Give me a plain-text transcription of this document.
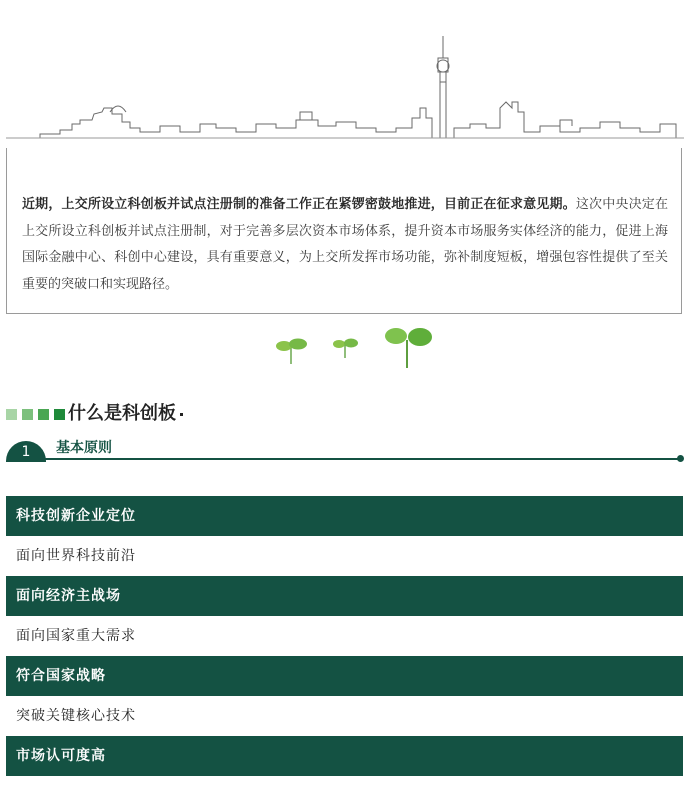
近期，上交所设立科创板并试点注册制的准备工作正在紧锣密鼓地推进，目前正在征求意见期。这次中央决定在上交所设立科创板并试点注册制，对于完善多层次资本市场体系，提升资本市场服务实体经济的能力，促进上海国际金融中心、科创中心建设，具有重要意义，为上交所发挥市场功能，弥补制度短板，增强包容性提供了至关重要的突破口和实现路径。

什么是科创板
1	基本原则
科技创新企业定位
面向世界科技前沿
面向经济主战场
面向国家重大需求
符合国家战略
突破关键核心技术
市场认可度高
